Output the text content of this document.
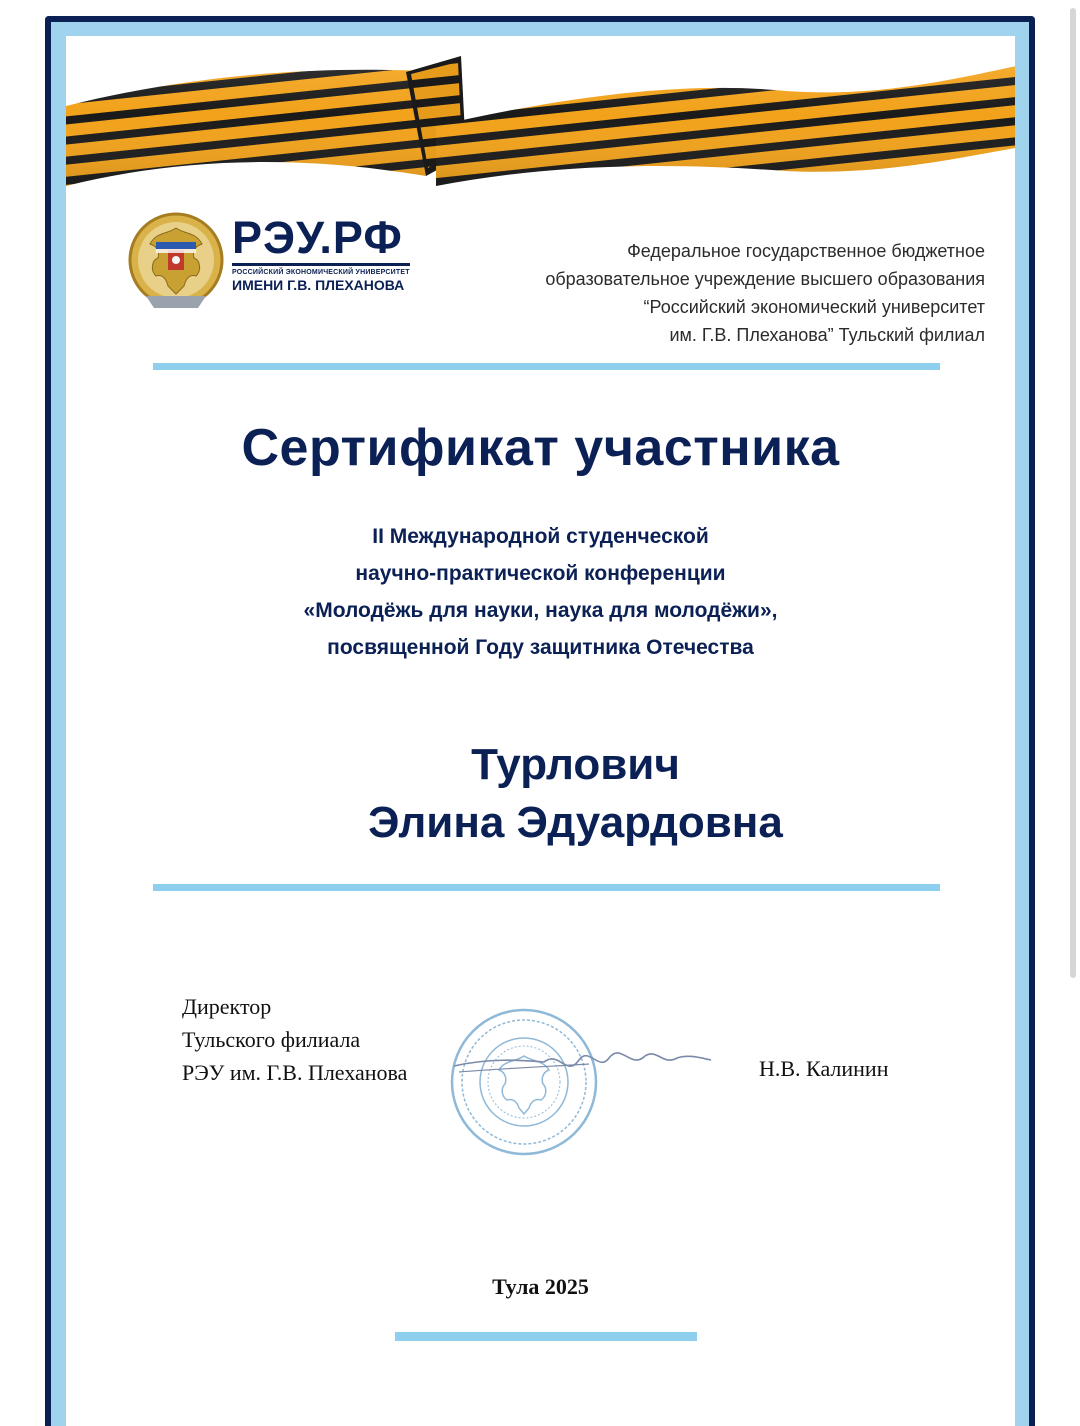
РЭУ.РФ
РОССИЙСКИЙ ЭКОНОМИЧЕСКИЙ УНИВЕРСИТЕТ
ИМЕНИ Г.В. ПЛЕХАНОВА
Федеральное государственное бюджетное
образовательное учреждение высшего образования
“Российский экономический университет
им. Г.В. Плеханова” Тульский филиал
Сертификат участника
II Международной студенческой
научно-практической конференции
«Молодёжь для науки, наука для молодёжи»,
посвященной Году защитника Отечества
Турлович
Элина Эдуардовна
Директор
Тульского филиала
РЭУ им. Г.В. Плеханова	Н.В. Калинин
Тула 2025
